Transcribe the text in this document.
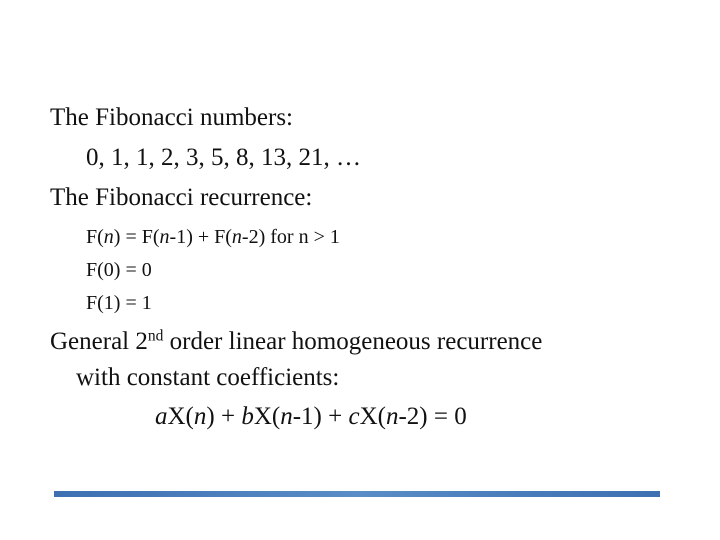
The Fibonacci numbers:
0, 1, 1, 2, 3, 5, 8, 13, 21, …
The Fibonacci recurrence:
F(n) = F(n-1) + F(n-2) for n > 1
F(0) = 0
F(1) = 1
General 2nd order linear homogeneous recurrence
with constant coefficients:
aX(n) + bX(n-1) + cX(n-2) = 0
